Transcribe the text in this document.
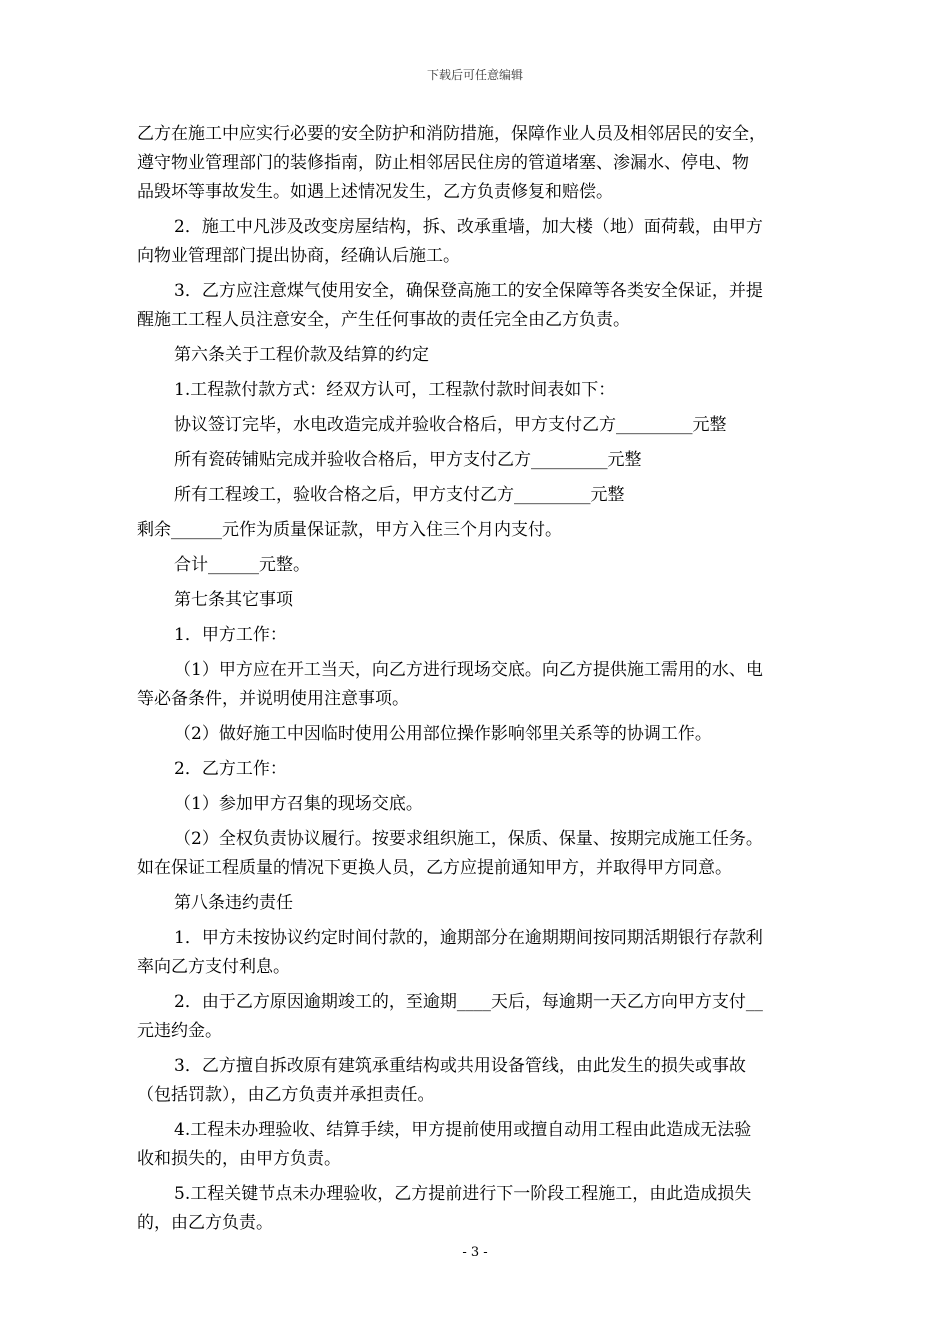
下载后可任意编辑
乙方在施工中应实行必要的安全防护和消防措施，保障作业人员及相邻居民的安全，
遵守物业管理部门的装修指南，防止相邻居民住房的管道堵塞、渗漏水、停电、物
品毁坏等事故发生。如遇上述情况发生，乙方负责修复和赔偿。
2．施工中凡涉及改变房屋结构，拆、改承重墙，加大楼（地）面荷载，由甲方
向物业管理部门提出协商，经确认后施工。
3．乙方应注意煤气使用安全，确保登高施工的安全保障等各类安全保证，并提
醒施工工程人员注意安全，产生任何事故的责任完全由乙方负责。
第六条关于工程价款及结算的约定
1.工程款付款方式：经双方认可，工程款付款时间表如下：
协议签订完毕，水电改造完成并验收合格后，甲方支付乙方_________元整
所有瓷砖铺贴完成并验收合格后，甲方支付乙方_________元整
所有工程竣工，验收合格之后，甲方支付乙方_________元整
剩余______元作为质量保证款，甲方入住三个月内支付。
合计______元整。
第七条其它事项
1．甲方工作：
（1）甲方应在开工当天，向乙方进行现场交底。向乙方提供施工需用的水、电
等必备条件，并说明使用注意事项。
（2）做好施工中因临时使用公用部位操作影响邻里关系等的协调工作。
2．乙方工作：
（1）参加甲方召集的现场交底。
（2）全权负责协议履行。按要求组织施工，保质、保量、按期完成施工任务。
如在保证工程质量的情况下更换人员，乙方应提前通知甲方，并取得甲方同意。
第八条违约责任
1．甲方未按协议约定时间付款的，逾期部分在逾期期间按同期活期银行存款利
率向乙方支付利息。
2．由于乙方原因逾期竣工的，至逾期____天后，每逾期一天乙方向甲方支付__
元违约金。
3．乙方擅自拆改原有建筑承重结构或共用设备管线，由此发生的损失或事故
（包括罚款），由乙方负责并承担责任。
4.工程未办理验收、结算手续，甲方提前使用或擅自动用工程由此造成无法验
收和损失的，由甲方负责。
5.工程关键节点未办理验收，乙方提前进行下一阶段工程施工，由此造成损失
的，由乙方负责。
- 3 -
